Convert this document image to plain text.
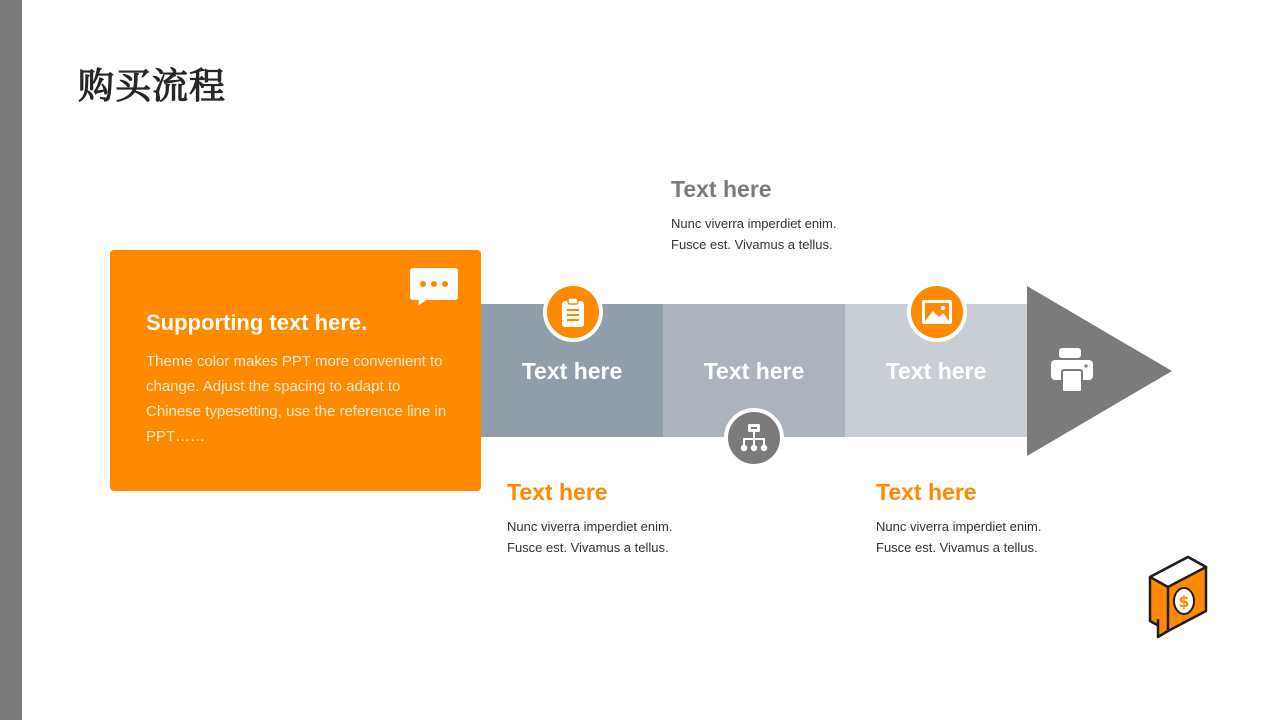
购买流程
Supporting text here.
Theme color makes PPT more convenient to change. Adjust the spacing to adapt to Chinese typesetting, use the reference line in PPT……
Text here	Text here	Text here
Text here
Nunc viverra imperdiet enim.
Fusce est. Vivamus a tellus.
Text here
Nunc viverra imperdiet enim.
Fusce est. Vivamus a tellus.
Text here
Nunc viverra imperdiet enim.
Fusce est. Vivamus a tellus.
$
